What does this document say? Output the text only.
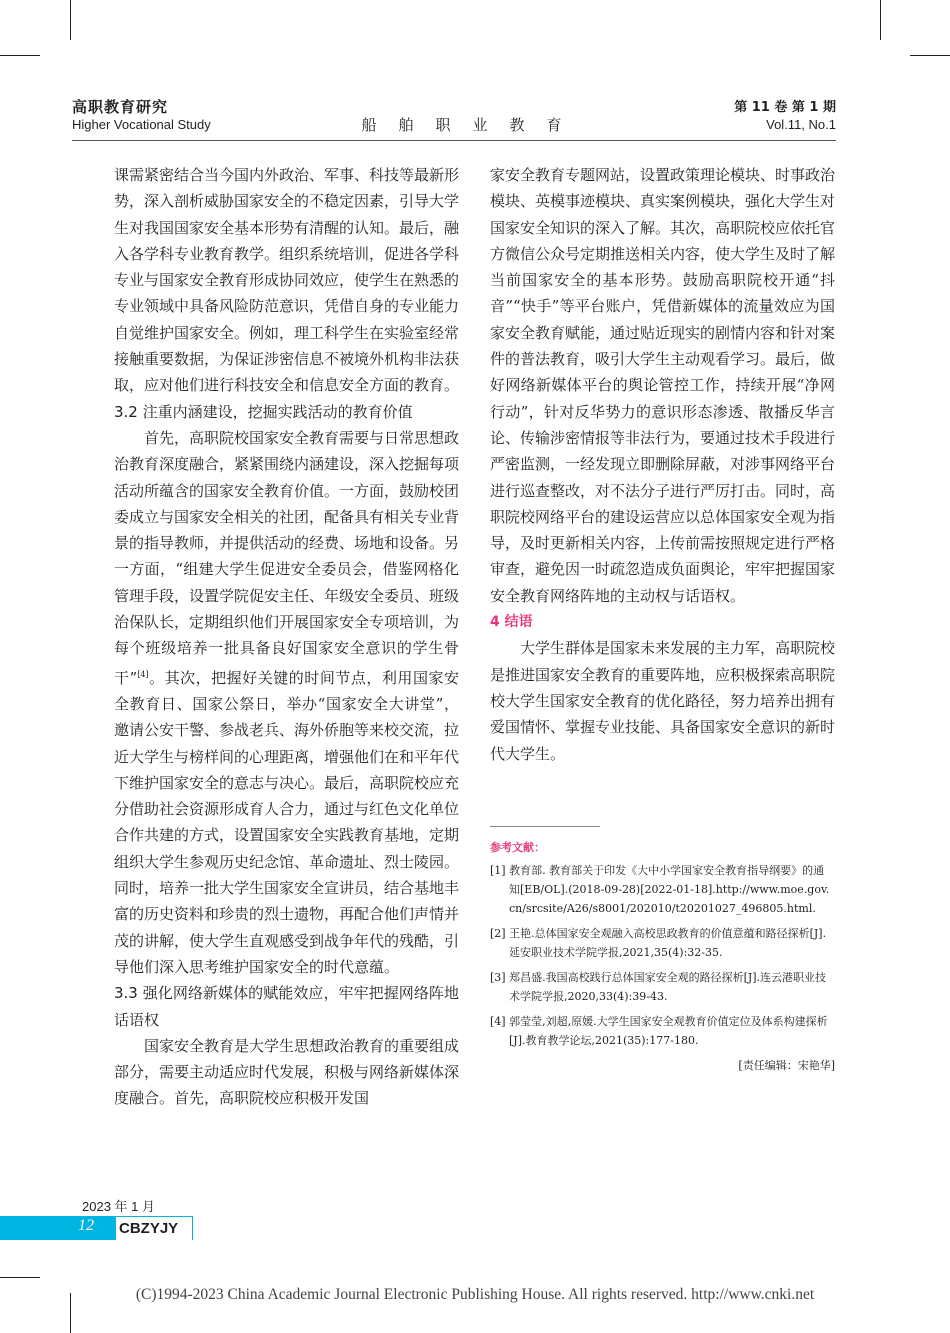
高职教育研究
Higher Vocational Study	船舶职业教育
第 11 卷 第 1 期
Vol.11, No.1

课需紧密结合当今国内外政治、军事、科技等最新形势，深入剖析威胁国家安全的不稳定因素，引导大学生对我国国家安全基本形势有清醒的认知。最后，融入各学科专业教育教学。组织系统培训，促进各学科专业与国家安全教育形成协同效应，使学生在熟悉的专业领域中具备风险防范意识，凭借自身的专业能力自觉维护国家安全。例如，理工科学生在实验室经常接触重要数据，为保证涉密信息不被境外机构非法获取，应对他们进行科技安全和信息安全方面的教育。

3.2 注重内涵建设，挖掘实践活动的教育价值

首先，高职院校国家安全教育需要与日常思想政治教育深度融合，紧紧围绕内涵建设，深入挖掘每项活动所蕴含的国家安全教育价值。一方面，鼓励校团委成立与国家安全相关的社团，配备具有相关专业背景的指导教师，并提供活动的经费、场地和设备。另一方面，“组建大学生促进安全委员会，借鉴网格化管理手段，设置学院促安主任、年级安全委员、班级治保队长，定期组织他们开展国家安全专项培训，为每个班级培养一批具备良好国家安全意识的学生骨干”[4]。其次，把握好关键的时间节点，利用国家安全教育日、国家公祭日，举办“国家安全大讲堂”，邀请公安干警、参战老兵、海外侨胞等来校交流，拉近大学生与榜样间的心理距离，增强他们在和平年代下维护国家安全的意志与决心。最后，高职院校应充分借助社会资源形成育人合力，通过与红色文化单位合作共建的方式，设置国家安全实践教育基地，定期组织大学生参观历史纪念馆、革命遗址、烈士陵园。同时，培养一批大学生国家安全宣讲员，结合基地丰富的历史资料和珍贵的烈士遗物，再配合他们声情并茂的讲解，使大学生直观感受到战争年代的残酷，引导他们深入思考维护国家安全的时代意蕴。

3.3 强化网络新媒体的赋能效应，牢牢把握网络阵地话语权

国家安全教育是大学生思想政治教育的重要组成部分，需要主动适应时代发展，积极与网络新媒体深度融合。首先，高职院校应积极开发国

家安全教育专题网站，设置政策理论模块、时事政治模块、英模事迹模块、真实案例模块，强化大学生对国家安全知识的深入了解。其次，高职院校应依托官方微信公众号定期推送相关内容，使大学生及时了解当前国家安全的基本形势。鼓励高职院校开通“抖音”“快手”等平台账户，凭借新媒体的流量效应为国家安全教育赋能，通过贴近现实的剧情内容和针对案件的普法教育，吸引大学生主动观看学习。最后，做好网络新媒体平台的舆论管控工作，持续开展“净网行动”，针对反华势力的意识形态渗透、散播反华言论、传输涉密情报等非法行为，要通过技术手段进行严密监测，一经发现立即删除屏蔽，对涉事网络平台进行巡查整改，对不法分子进行严厉打击。同时，高职院校网络平台的建设运营应以总体国家安全观为指导，及时更新相关内容，上传前需按照规定进行严格审查，避免因一时疏忽造成负面舆论，牢牢把握国家安全教育网络阵地的主动权与话语权。

4 结语

大学生群体是国家未来发展的主力军，高职院校是推进国家安全教育的重要阵地，应积极探索高职院校大学生国家安全教育的优化路径，努力培养出拥有爱国情怀、掌握专业技能、具备国家安全意识的新时代大学生。

参考文献：
[1] 教育部. 教育部关于印发《大中小学国家安全教育指导纲要》的通知[EB/OL].(2018-09-28)[2022-01-18].http://www.moe.gov.cn/srcsite/A26/s8001/202010/t20201027_496805.html.
[2] 王艳.总体国家安全观融入高校思政教育的价值意蕴和路径探析[J].延安职业技术学院学报,2021,35(4):32-35.
[3] 郑昌盛.我国高校践行总体国家安全观的路径探析[J].连云港职业技术学院学报,2020,33(4):39-43.
[4] 郭莹莹,刘超,原媛.大学生国家安全观教育价值定位及体系构建探析[J].教育教学论坛,2021(35):177-180.
[责任编辑：宋艳华]
2023 年 1 月
12 CBZYJY
(C)1994-2023 China Academic Journal Electronic Publishing House. All rights reserved. http://www.cnki.net
